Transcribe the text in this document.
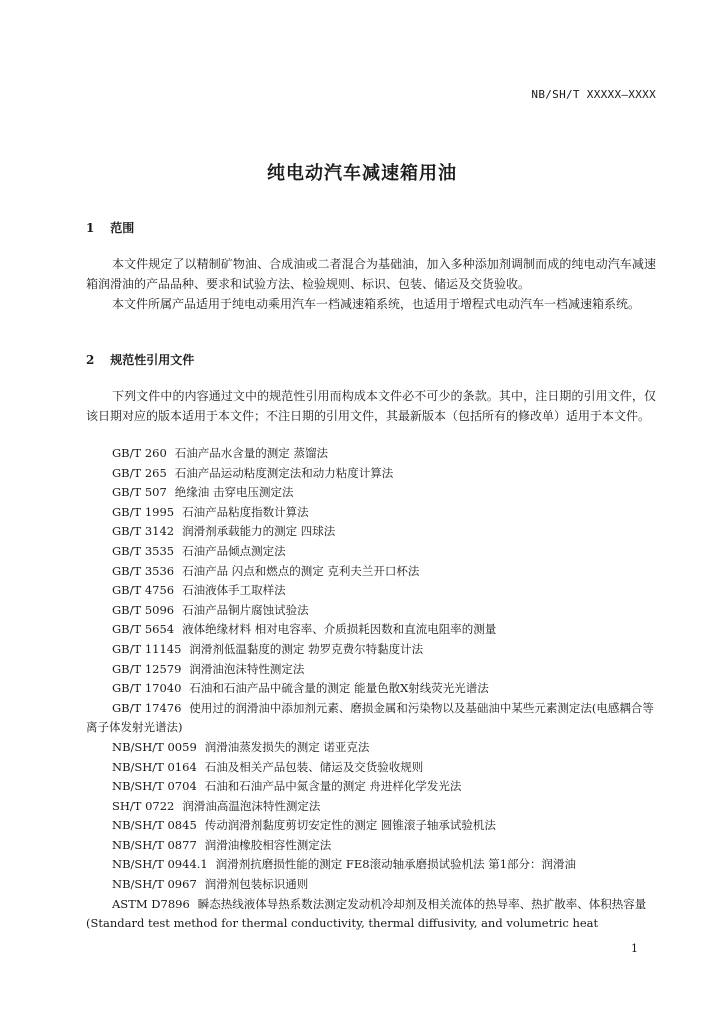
NB/SH/T XXXXX—XXXX
纯电动汽车减速箱用油
1 范围

本文件规定了以精制矿物油、合成油或二者混合为基础油，加入多种添加剂调制而成的纯电动汽车减速箱润滑油的产品品种、要求和试验方法、检验规则、标识、包装、储运及交货验收。

本文件所属产品适用于纯电动乘用汽车一档减速箱系统，也适用于增程式电动汽车一档减速箱系统。

2 规范性引用文件

下列文件中的内容通过文中的规范性引用而构成本文件必不可少的条款。其中，注日期的引用文件，仅该日期对应的版本适用于本文件；不注日期的引用文件，其最新版本（包括所有的修改单）适用于本文件。

GB/T 260 石油产品水含量的测定 蒸馏法
GB/T 265 石油产品运动粘度测定法和动力粘度计算法
GB/T 507 绝缘油 击穿电压测定法
GB/T 1995 石油产品粘度指数计算法
GB/T 3142 润滑剂承载能力的测定 四球法
GB/T 3535 石油产品倾点测定法
GB/T 3536 石油产品 闪点和燃点的测定 克利夫兰开口杯法
GB/T 4756 石油液体手工取样法
GB/T 5096 石油产品铜片腐蚀试验法
GB/T 5654 液体绝缘材料 相对电容率、介质损耗因数和直流电阻率的测量
GB/T 11145 润滑剂低温黏度的测定 勃罗克费尔特黏度计法
GB/T 12579 润滑油泡沫特性测定法
GB/T 17040 石油和石油产品中硫含量的测定 能量色散X射线荧光光谱法
GB/T 17476 使用过的润滑油中添加剂元素、磨损金属和污染物以及基础油中某些元素测定法(电感耦合等离子体发射光谱法)
NB/SH/T 0059 润滑油蒸发损失的测定 诺亚克法
NB/SH/T 0164 石油及相关产品包装、储运及交货验收规则
NB/SH/T 0704 石油和石油产品中氮含量的测定 舟进样化学发光法
SH/T 0722 润滑油高温泡沫特性测定法
NB/SH/T 0845 传动润滑剂黏度剪切安定性的测定 圆锥滚子轴承试验机法
NB/SH/T 0877 润滑油橡胶相容性测定法
NB/SH/T 0944.1 润滑剂抗磨损性能的测定 FE8滚动轴承磨损试验机法 第1部分：润滑油
NB/SH/T 0967 润滑剂包装标识通则
ASTM D7896 瞬态热线液体导热系数法测定发动机冷却剂及相关流体的热导率、热扩散率、体积热容量(Standard test method for thermal conductivity, thermal diffusivity, and volumetric heat
1
